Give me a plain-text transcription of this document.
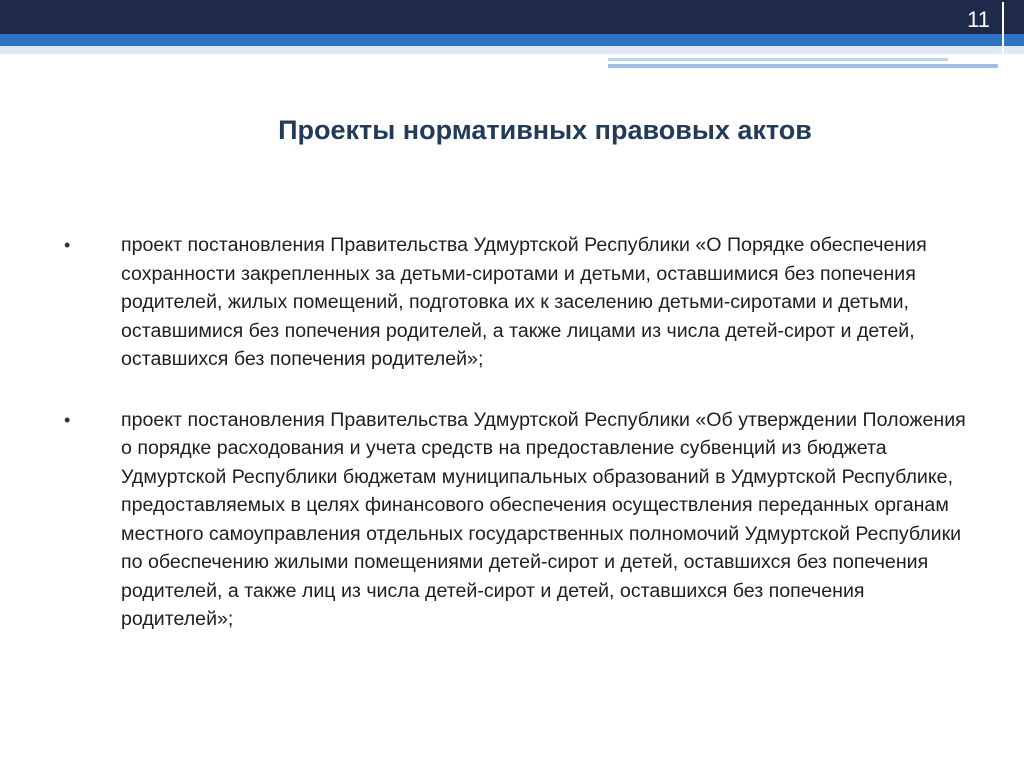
11
Проекты нормативных правовых актов
•	проект постановления Правительства Удмуртской Республики «О Порядке обеспечения сохранности закрепленных за детьми-сиротами и детьми, оставшимися без попечения родителей, жилых помещений, подготовка их к заселению детьми-сиротами и детьми, оставшимися без попечения родителей, а также лицами из числа детей-сирот и детей, оставшихся без попечения родителей»;
•	проект постановления Правительства Удмуртской Республики «Об утверждении Положения о порядке расходования и учета средств на предоставление субвенций из бюджета Удмуртской Республики бюджетам муниципальных образований в Удмуртской Республике, предоставляемых в целях финансового обеспечения осуществления переданных органам местного самоуправления отдельных государственных полномочий Удмуртской Республики по обеспечению жилыми помещениями детей-сирот и детей, оставшихся без попечения родителей, а также лиц из числа детей-сирот и детей, оставшихся без попечения родителей»;
